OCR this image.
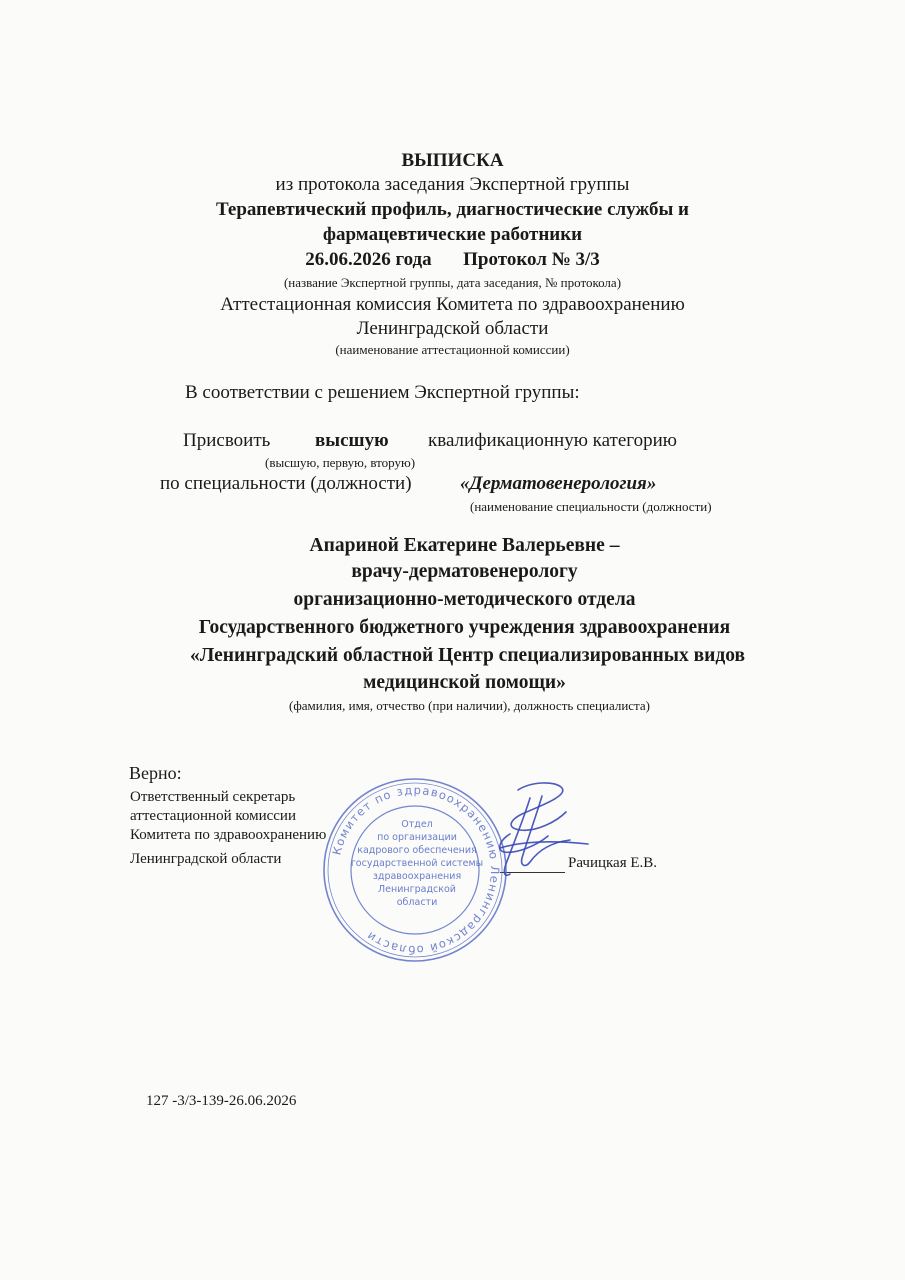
ВЫПИСКА
из протокола заседания Экспертной группы
Терапевтический профиль, диагностические службы и
фармацевтические работники
26.06.2026 года Протокол № 3/3
(название Экспертной группы, дата заседания, № протокола)
Аттестационная комиссия Комитета по здравоохранению
Ленинградской области
(наименование аттестационной комиссии)
В соответствии с решением Экспертной группы:
Присвоить высшую квалификационную категорию
(высшую, первую, вторую)
по специальности (должности)	«Дерматовенерология»
(наименование специальности (должности)
Апариной Екатерине Валерьевне –
врачу-дерматовенерологу
организационно-методического отдела
Государственного бюджетного учреждения здравоохранения
«Ленинградский областной Центр специализированных видов
медицинской помощи»
(фамилия, имя, отчество (при наличии), должность специалиста)
Верно:
Ответственный секретарь
аттестационной комиссии
Комитета по здравоохранению
Ленинградской области	Рачицкая Е.В.
Комитет по здравоохранению Ленинградской области
Отдел
по организации
кадрового обеспечения
государственной системы
здравоохранения
Ленинградской
области
127 -3/3-139-26.06.2026
